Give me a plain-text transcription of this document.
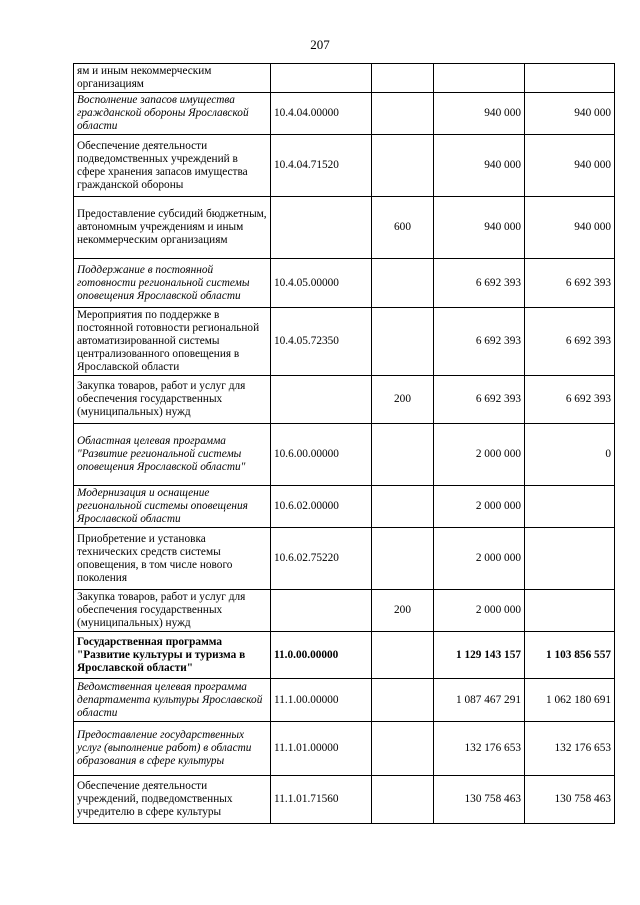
207
ям и иным некоммерческим организациям				
Восполнение запасов имущества гражданской обороны Ярославской области	10.4.04.00000		940 000	940 000
Обеспечение деятельности подведомственных учреждений в сфере хранения запасов имущества гражданской обороны	10.4.04.71520		940 000	940 000
Предоставление субсидий бюджетным, автономным учреждениям и иным некоммерческим организациям		600	940 000	940 000
Поддержание в постоянной готовности региональной системы оповещения Ярославской области	10.4.05.00000		6 692 393	6 692 393
Мероприятия по поддержке в постоянной готовности региональной автоматизированной системы централизованного оповещения в Ярославской области	10.4.05.72350		6 692 393	6 692 393
Закупка товаров, работ и услуг для обеспечения государственных (муниципальных) нужд		200	6 692 393	6 692 393
Областная целевая программа "Развитие региональной системы оповещения Ярославской области"	10.6.00.00000		2 000 000	0
Модернизация и оснащение региональной системы оповещения Ярославской области	10.6.02.00000		2 000 000	
Приобретение и установка технических средств системы оповещения, в том числе нового поколения	10.6.02.75220		2 000 000	
Закупка товаров, работ и услуг для обеспечения государственных (муниципальных) нужд		200	2 000 000	
Государственная программа "Развитие культуры и туризма в Ярославской области"	11.0.00.00000		1 129 143 157	1 103 856 557
Ведомственная целевая программа департамента культуры Ярославской области	11.1.00.00000		1 087 467 291	1 062 180 691
Предоставление государственных услуг (выполнение работ) в области образования в сфере культуры	11.1.01.00000		132 176 653	132 176 653
Обеспечение деятельности учреждений, подведомственных учредителю в сфере культуры	11.1.01.71560		130 758 463	130 758 463
